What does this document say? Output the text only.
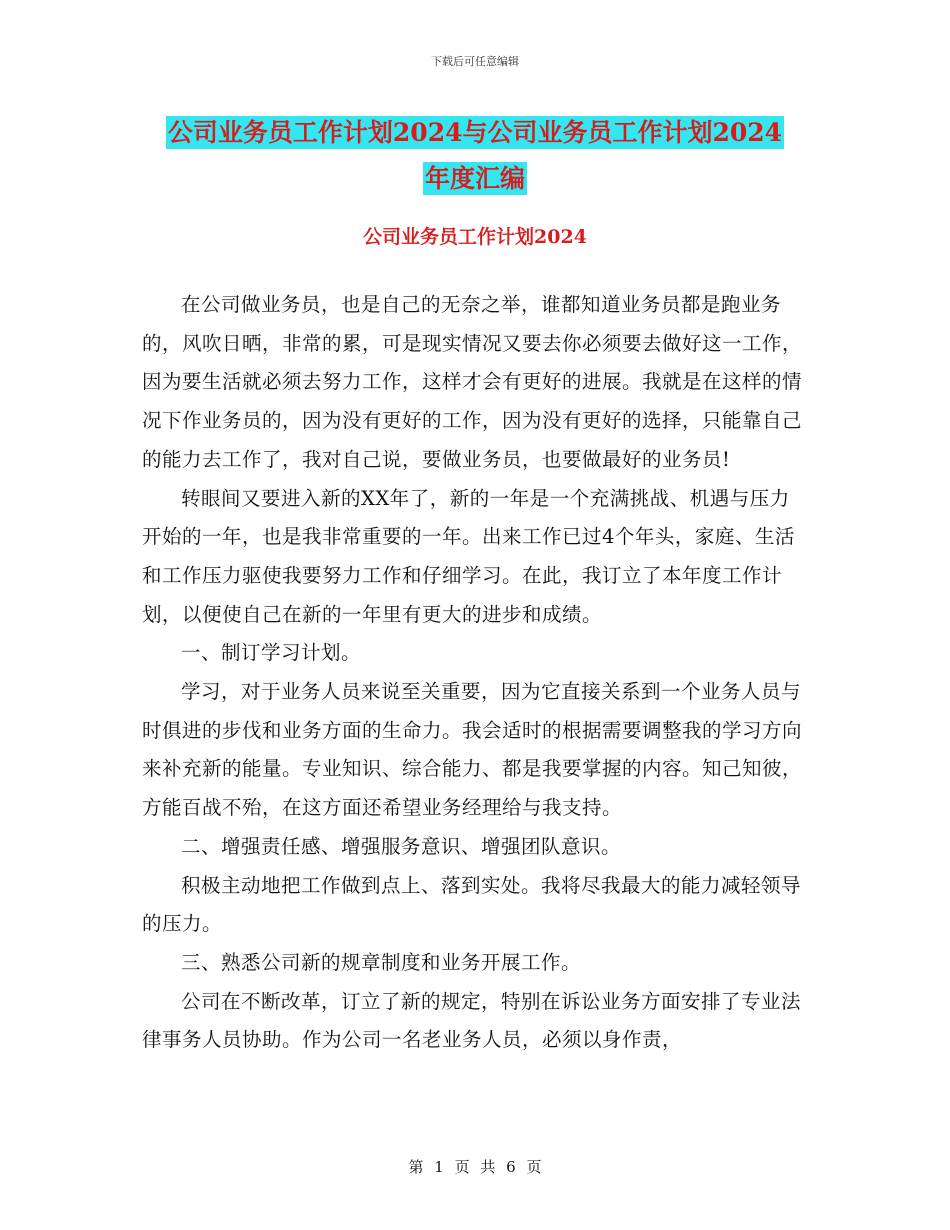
下载后可任意编辑
公司业务员工作计划2024与公司业务员工作计划2024
年度汇编
公司业务员工作计划2024

在公司做业务员，也是自己的无奈之举，谁都知道业务员都是跑业务的，风吹日晒，非常的累，可是现实情况又要去你必须要去做好这一工作，因为要生活就必须去努力工作，这样才会有更好的进展。我就是在这样的情况下作业务员的，因为没有更好的工作，因为没有更好的选择，只能靠自己的能力去工作了，我对自己说，要做业务员，也要做最好的业务员!

转眼间又要进入新的XX年了，新的一年是一个充满挑战、机遇与压力开始的一年，也是我非常重要的一年。出来工作已过4个年头，家庭、生活和工作压力驱使我要努力工作和仔细学习。在此，我订立了本年度工作计划，以便使自己在新的一年里有更大的进步和成绩。

一、制订学习计划。

学习，对于业务人员来说至关重要，因为它直接关系到一个业务人员与时俱进的步伐和业务方面的生命力。我会适时的根据需要调整我的学习方向来补充新的能量。专业知识、综合能力、都是我要掌握的内容。知己知彼，方能百战不殆，在这方面还希望业务经理给与我支持。

二、增强责任感、增强服务意识、增强团队意识。

积极主动地把工作做到点上、落到实处。我将尽我最大的能力减轻领导的压力。

三、熟悉公司新的规章制度和业务开展工作。

公司在不断改革，订立了新的规定，特别在诉讼业务方面安排了专业法律事务人员协助。作为公司一名老业务人员，必须以身作责，

第 1 页 共 6 页
